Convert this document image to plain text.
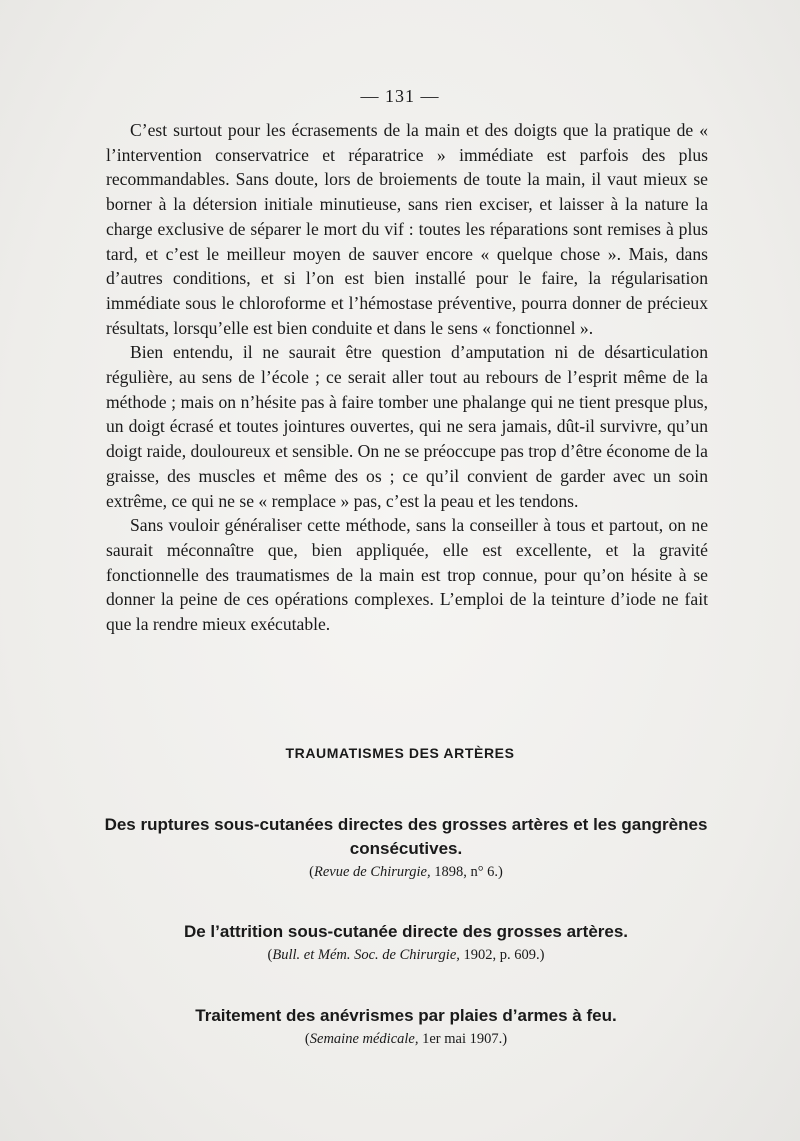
— 131 —

C’est surtout pour les écrasements de la main et des doigts que la pratique de « l’intervention conservatrice et réparatrice » immédiate est parfois des plus recommandables. Sans doute, lors de broiements de toute la main, il vaut mieux se borner à la détersion initiale minutieuse, sans rien exciser, et laisser à la nature la charge exclusive de séparer le mort du vif : toutes les réparations sont remises à plus tard, et c’est le meilleur moyen de sauver encore « quelque chose ». Mais, dans d’autres conditions, et si l’on est bien installé pour le faire, la régularisation immédiate sous le chloroforme et l’hémostase préventive, pourra donner de précieux résultats, lorsqu’elle est bien conduite et dans le sens « fonctionnel ».

Bien entendu, il ne saurait être question d’amputation ni de désarticulation régulière, au sens de l’école ; ce serait aller tout au rebours de l’esprit même de la méthode ; mais on n’hésite pas à faire tomber une phalange qui ne tient presque plus, un doigt écrasé et toutes jointures ouvertes, qui ne sera jamais, dût-il survivre, qu’un doigt raide, douloureux et sensible. On ne se préoccupe pas trop d’être économe de la graisse, des muscles et même des os ; ce qu’il convient de garder avec un soin extrême, ce qui ne se « remplace » pas, c’est la peau et les tendons.

Sans vouloir généraliser cette méthode, sans la conseiller à tous et partout, on ne saurait méconnaître que, bien appliquée, elle est excellente, et la gravité fonctionnelle des traumatismes de la main est trop connue, pour qu’on hésite à se donner la peine de ces opérations complexes. L’emploi de la teinture d’iode ne fait que la rendre mieux exécutable.

TRAUMATISMES DES ARTÈRES
Des ruptures sous-cutanées directes des grosses artères et les gangrènes consécutives.
(Revue de Chirurgie, 1898, n° 6.)
De l’attrition sous-cutanée directe des grosses artères.
(Bull. et Mém. Soc. de Chirurgie, 1902, p. 609.)
Traitement des anévrismes par plaies d’armes à feu.
(Semaine médicale, 1er mai 1907.)
